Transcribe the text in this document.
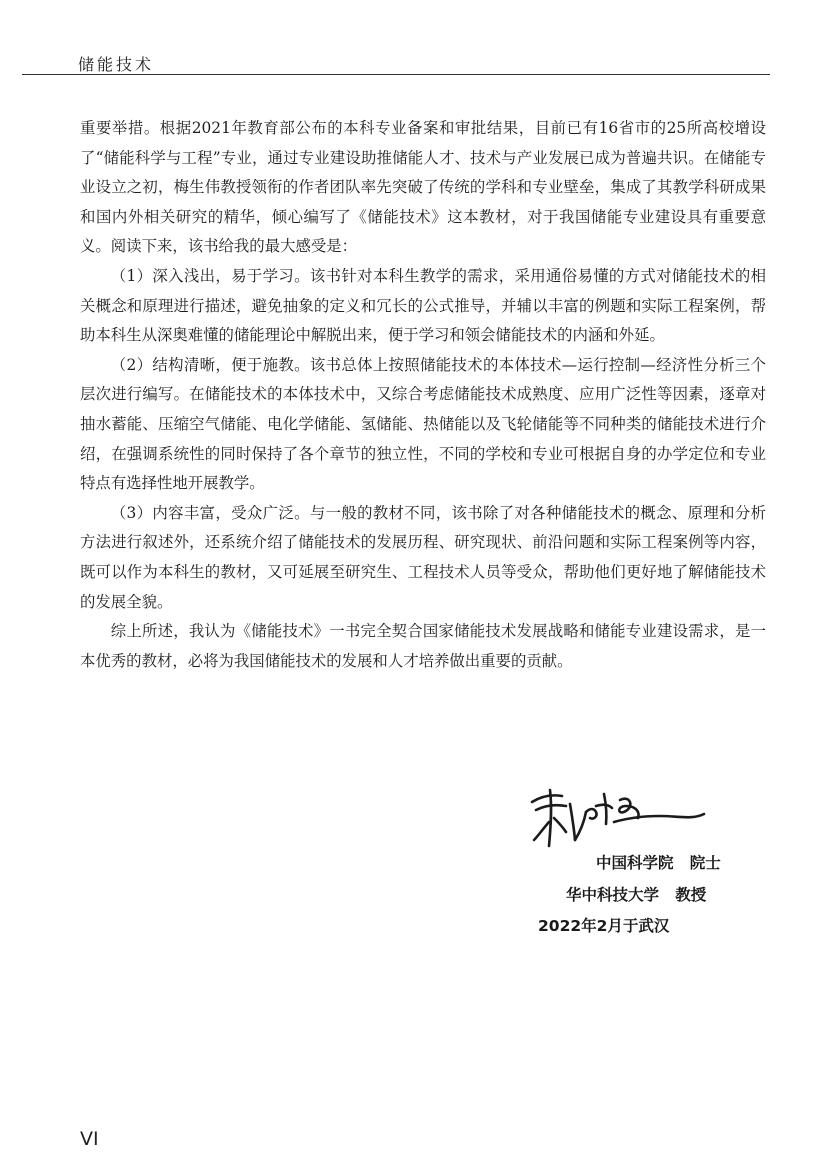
储能技术

重要举措。根据2021年教育部公布的本科专业备案和审批结果，目前已有16省市的25所高校增设了“储能科学与工程”专业，通过专业建设助推储能人才、技术与产业发展已成为普遍共识。在储能专业设立之初，梅生伟教授领衔的作者团队率先突破了传统的学科和专业壁垒，集成了其教学科研成果和国内外相关研究的精华，倾心编写了《储能技术》这本教材，对于我国储能专业建设具有重要意义。阅读下来，该书给我的最大感受是：

（1）深入浅出，易于学习。该书针对本科生教学的需求，采用通俗易懂的方式对储能技术的相关概念和原理进行描述，避免抽象的定义和冗长的公式推导，并辅以丰富的例题和实际工程案例，帮助本科生从深奥难懂的储能理论中解脱出来，便于学习和领会储能技术的内涵和外延。

（2）结构清晰，便于施教。该书总体上按照储能技术的本体技术—运行控制—经济性分析三个层次进行编写。在储能技术的本体技术中，又综合考虑储能技术成熟度、应用广泛性等因素，逐章对抽水蓄能、压缩空气储能、电化学储能、氢储能、热储能以及飞轮储能等不同种类的储能技术进行介绍，在强调系统性的同时保持了各个章节的独立性，不同的学校和专业可根据自身的办学定位和专业特点有选择性地开展教学。

（3）内容丰富，受众广泛。与一般的教材不同，该书除了对各种储能技术的概念、原理和分析方法进行叙述外，还系统介绍了储能技术的发展历程、研究现状、前沿问题和实际工程案例等内容，既可以作为本科生的教材，又可延展至研究生、工程技术人员等受众，帮助他们更好地了解储能技术的发展全貌。

综上所述，我认为《储能技术》一书完全契合国家储能技术发展战略和储能专业建设需求，是一本优秀的教材，必将为我国储能技术的发展和人才培养做出重要的贡献。

中国科学院   院士
华中科技大学   教授
2022年2月于武汉
VI
